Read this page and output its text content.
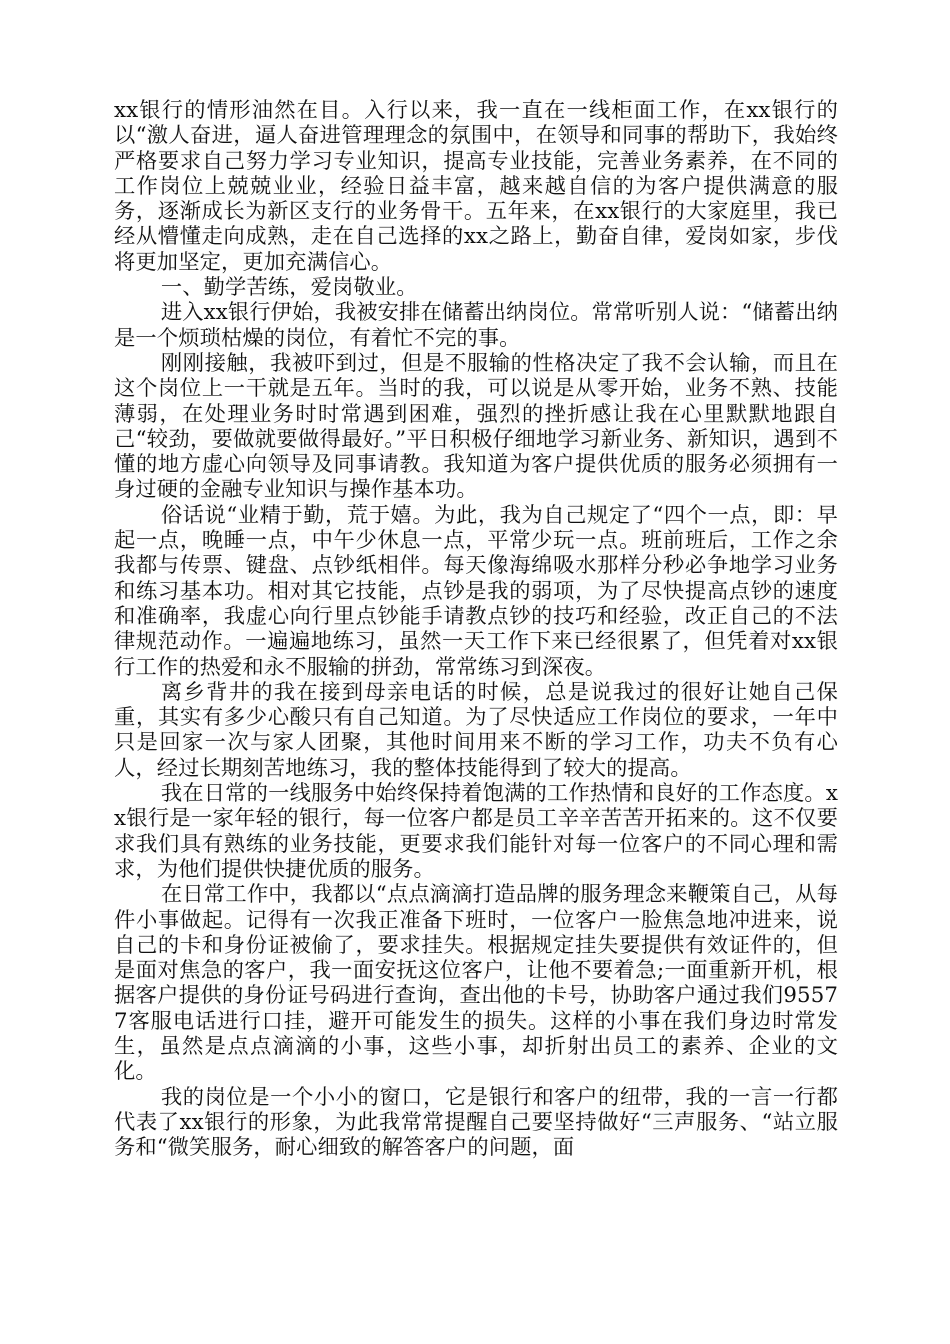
xx银行的情形油然在目。入行以来，我一直在一线柜面工作，在xx银行的以“激人奋进，逼人奋进管理理念的氛围中，在领导和同事的帮助下，我始终严格要求自己努力学习专业知识，提高专业技能，完善业务素养，在不同的工作岗位上兢兢业业，经验日益丰富，越来越自信的为客户提供满意的服务，逐渐成长为新区支行的业务骨干。五年来，在xx银行的大家庭里，我已经从懵懂走向成熟，走在自己选择的xx之路上，勤奋自律，爱岗如家，步伐将更加坚定，更加充满信心。

一、勤学苦练，爱岗敬业。

进入xx银行伊始，我被安排在储蓄出纳岗位。常常听别人说：“储蓄出纳是一个烦琐枯燥的岗位，有着忙不完的事。

刚刚接触，我被吓到过，但是不服输的性格决定了我不会认输，而且在这个岗位上一干就是五年。当时的我，可以说是从零开始，业务不熟、技能薄弱，在处理业务时时常遇到困难，强烈的挫折感让我在心里默默地跟自己“较劲，要做就要做得最好。”平日积极仔细地学习新业务、新知识，遇到不懂的地方虚心向领导及同事请教。我知道为客户提供优质的服务必须拥有一身过硬的金融专业知识与操作基本功。

俗话说“业精于勤，荒于嬉。为此，我为自己规定了“四个一点，即：早起一点，晚睡一点，中午少休息一点，平常少玩一点。班前班后，工作之余我都与传票、键盘、点钞纸相伴。每天像海绵吸水那样分秒必争地学习业务和练习基本功。相对其它技能，点钞是我的弱项，为了尽快提高点钞的速度和准确率，我虚心向行里点钞能手请教点钞的技巧和经验，改正自己的不法律规范动作。一遍遍地练习，虽然一天工作下来已经很累了，但凭着对xx银行工作的热爱和永不服输的拼劲，常常练习到深夜。

离乡背井的我在接到母亲电话的时候，总是说我过的很好让她自己保重，其实有多少心酸只有自己知道。为了尽快适应工作岗位的要求，一年中只是回家一次与家人团聚，其他时间用来不断的学习工作，功夫不负有心人，经过长期刻苦地练习，我的整体技能得到了较大的提高。

我在日常的一线服务中始终保持着饱满的工作热情和良好的工作态度。xx银行是一家年轻的银行，每一位客户都是员工辛辛苦苦开拓来的。这不仅要求我们具有熟练的业务技能，更要求我们能针对每一位客户的不同心理和需求，为他们提供快捷优质的服务。

在日常工作中，我都以“点点滴滴打造品牌的服务理念来鞭策自己，从每件小事做起。记得有一次我正准备下班时，一位客户一脸焦急地冲进来，说自己的卡和身份证被偷了，要求挂失。根据规定挂失要提供有效证件的，但是面对焦急的客户，我一面安抚这位客户，让他不要着急;一面重新开机，根据客户提供的身份证号码进行查询，查出他的卡号，协助客户通过我们95577客服电话进行口挂，避开可能发生的损失。这样的小事在我们身边时常发生，虽然是点点滴滴的小事，这些小事，却折射出员工的素养、企业的文化。

我的岗位是一个小小的窗口，它是银行和客户的纽带，我的一言一行都代表了xx银行的形象，为此我常常提醒自己要坚持做好“三声服务、“站立服务和“微笑服务，耐心细致的解答客户的问题，面
